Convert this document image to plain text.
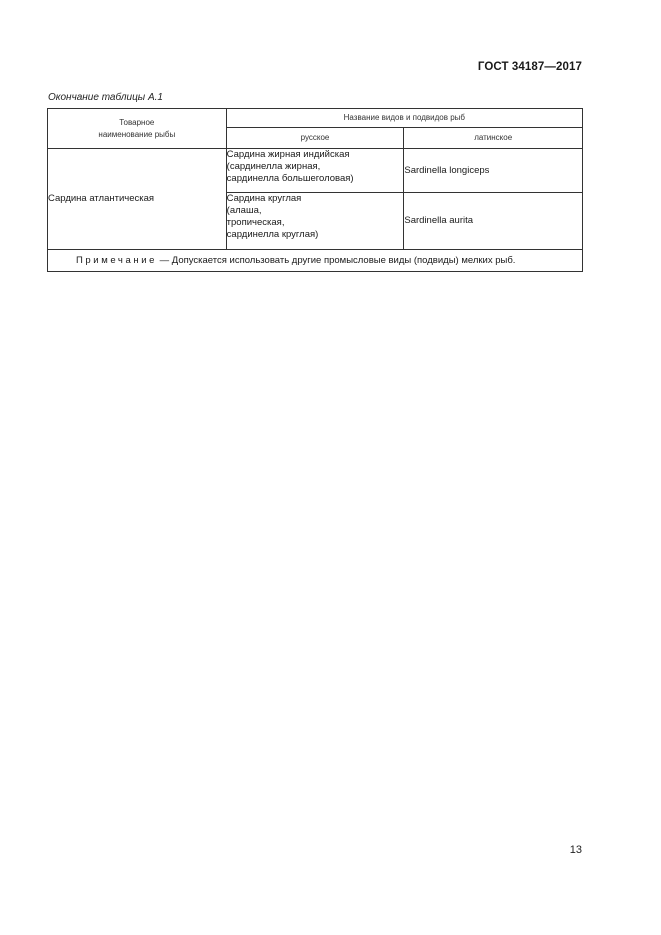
ГОСТ 34187—2017
Окончание таблицы А.1
Товарное
наименование рыбы	Название видов и подвидов рыб	
	русское	латинское
Сардина атлантическая	Сардина жирная индийская
(сардинелла жирная,
сардинелла большеголовая)	Sardinella longiceps

	Сардина круглая
(алаша,
тропическая,
сардинелла круглая)	Sardinella aurita
Примечание — Допускается использовать другие промысловые виды (подвиды) мелких рыб.		
13
